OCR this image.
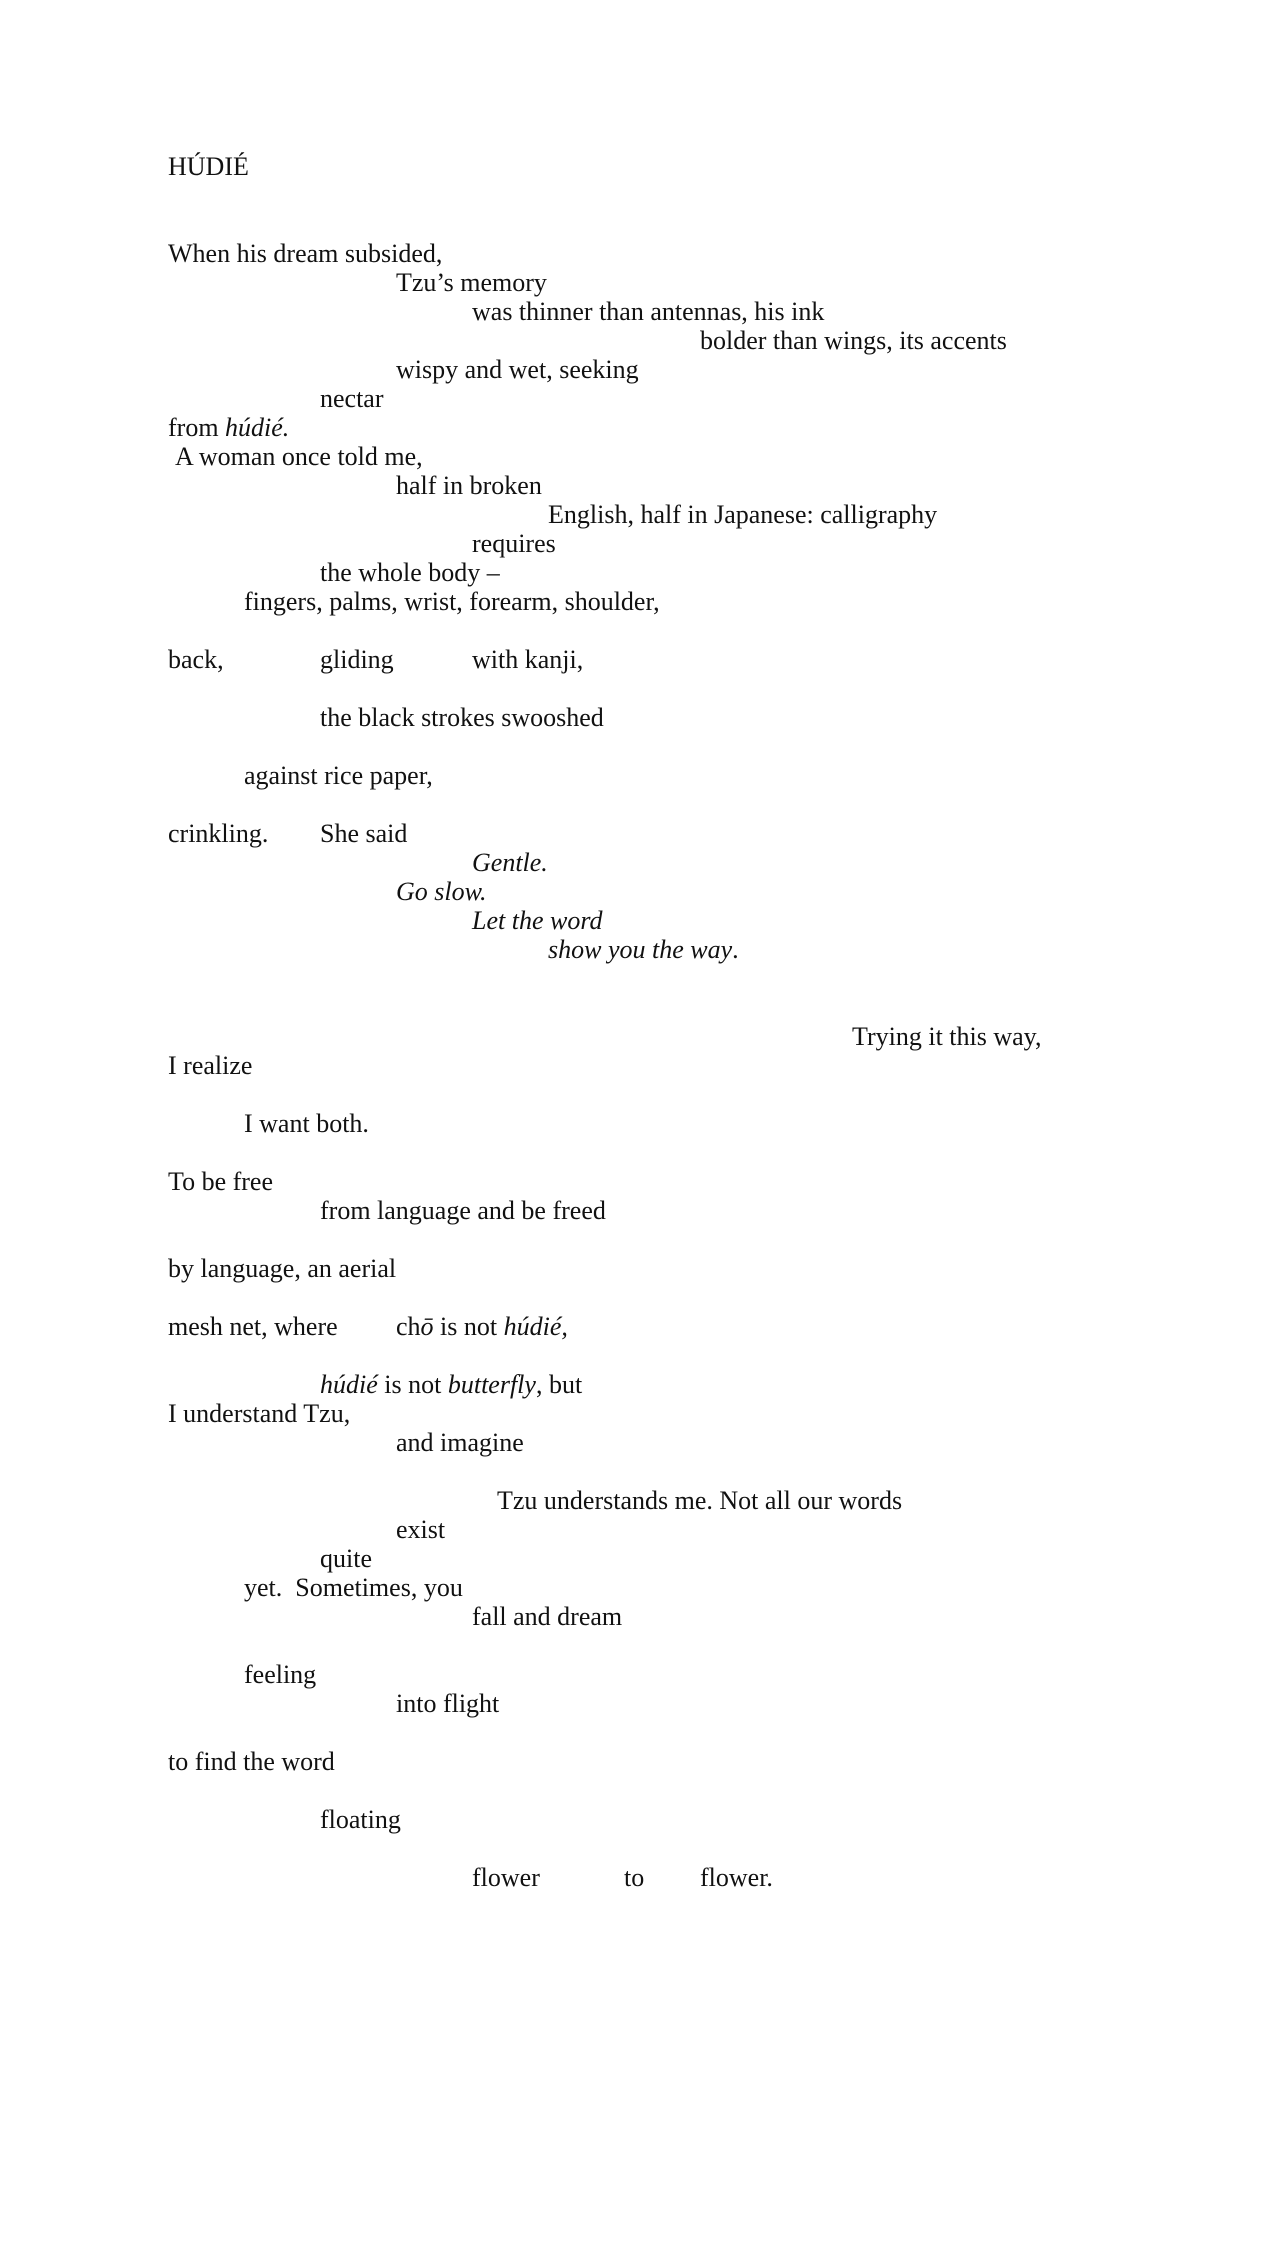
HÚDIÉ
When his dream subsided,
Tzu’s memory
was thinner than antennas, his ink
bolder than wings, its accents
wispy and wet, seeking
nectar
from húdié.
A woman once told me,
half in broken
English, half in Japanese: calligraphy
requires
the whole body –
fingers, palms, wrist, forearm, shoulder,
back,	gliding	with kanji,
the black strokes swooshed
against rice paper,
crinkling. She said
Gentle.
Go slow.
Let the word
show you the way.
Trying it this way,
I realize
I want both.
To be free
from language and be freed
by language, an aerial
mesh net, where chō is not húdié,
húdié is not butterfly, but
I understand Tzu,
and imagine
Tzu understands me. Not all our words
exist
quite
yet.  Sometimes, you
fall and dream
feeling
into flight
to find the word
floating
flower	to flower.
